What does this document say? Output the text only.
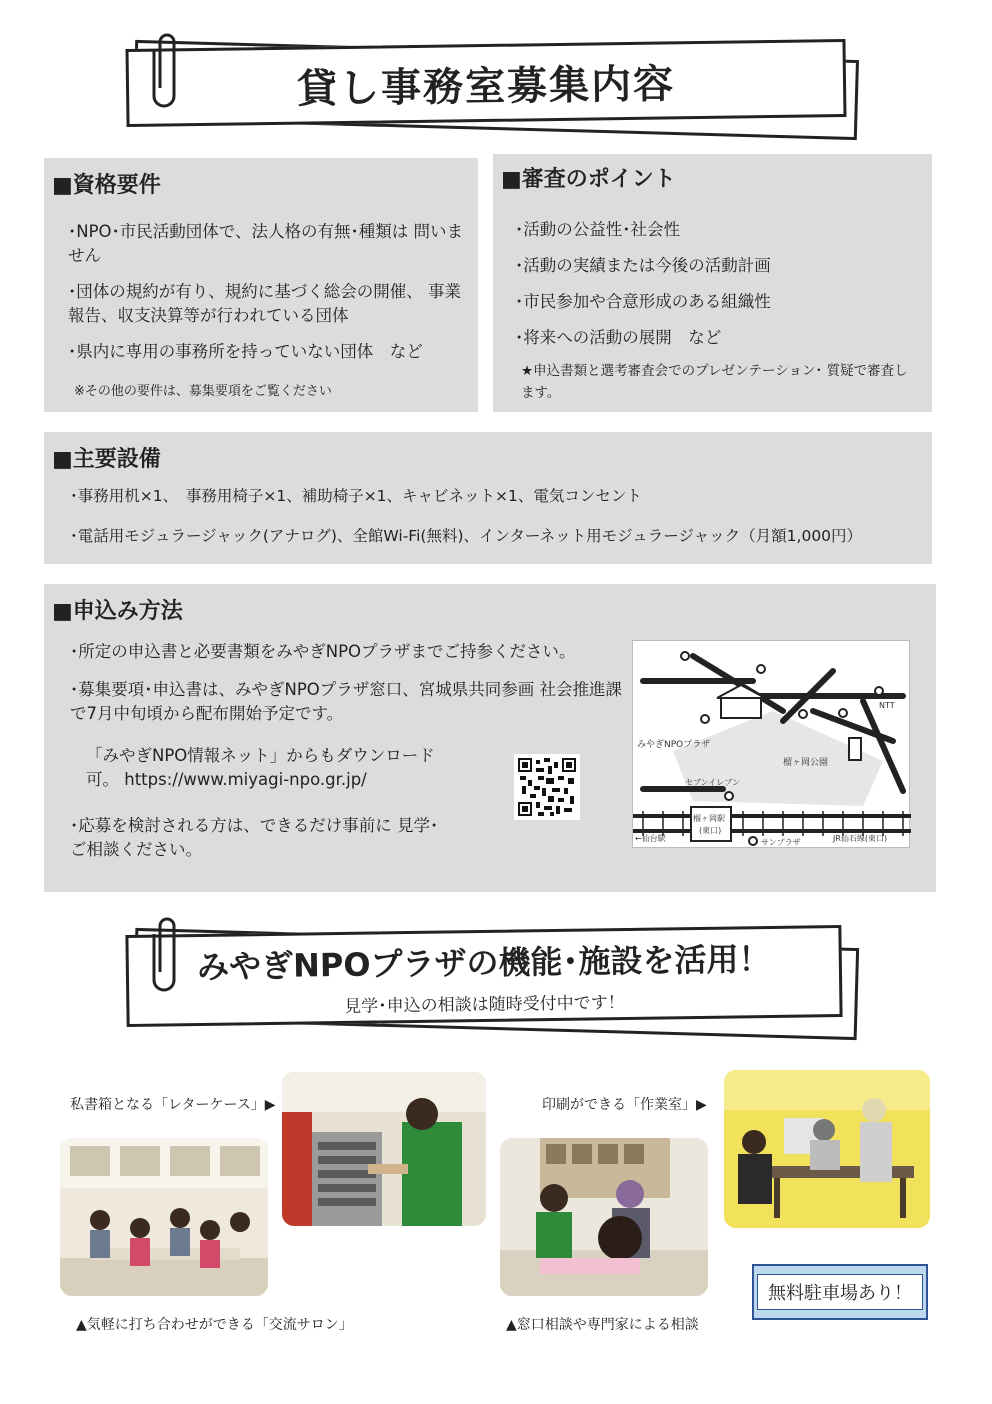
貸し事務室募集内容
■資格要件
･NPO･市民活動団体で、法人格の有無･種類は 問いません
･団体の規約が有り、規約に基づく総会の開催、 事業報告、収支決算等が行われている団体
･県内に専用の事務所を持っていない団体　など
※その他の要件は、募集要項をご覧ください
■審査のポイント
･活動の公益性･社会性
･活動の実績または今後の活動計画
･市民参加や合意形成のある組織性
･将来への活動の展開　など
★申込書類と選考審査会でのプレゼンテーション･ 質疑で審査します。
■主要設備
･事務用机×1、　事務用椅子×1、補助椅子×1、キャビネット×1、電気コンセント
･電話用モジュラージャック(アナログ)、全館Wi-Fi(無料)、インターネット用モジュラージャック（月額1,000円）
■申込み方法
･所定の申込書と必要書類をみやぎNPOプラザまでご持参ください。
･募集要項･申込書は、みやぎNPOプラザ窓口、宮城県共同参画 社会推進課で7月中旬頃から配布開始予定です。
「みやぎNPO情報ネット」からもダウンロード可。 https://www.miyagi-npo.gr.jp/
･応募を検討される方は、できるだけ事前に 見学･ご相談ください。
みやぎNPOプラザ
榴ヶ岡公園
NTT
セブンイレブン
榴ヶ岡駅
(東口)
←仙台駅	サンプラザ	JR仙石線(東口)
みやぎNPOプラザの機能･施設を活用！
見学･申込の相談は随時受付中です！
私書箱となる「レターケース」▶
▲気軽に打ち合わせができる「交流サロン」
印刷ができる「作業室」▶
▲窓口相談や専門家による相談
無料駐車場あり！
